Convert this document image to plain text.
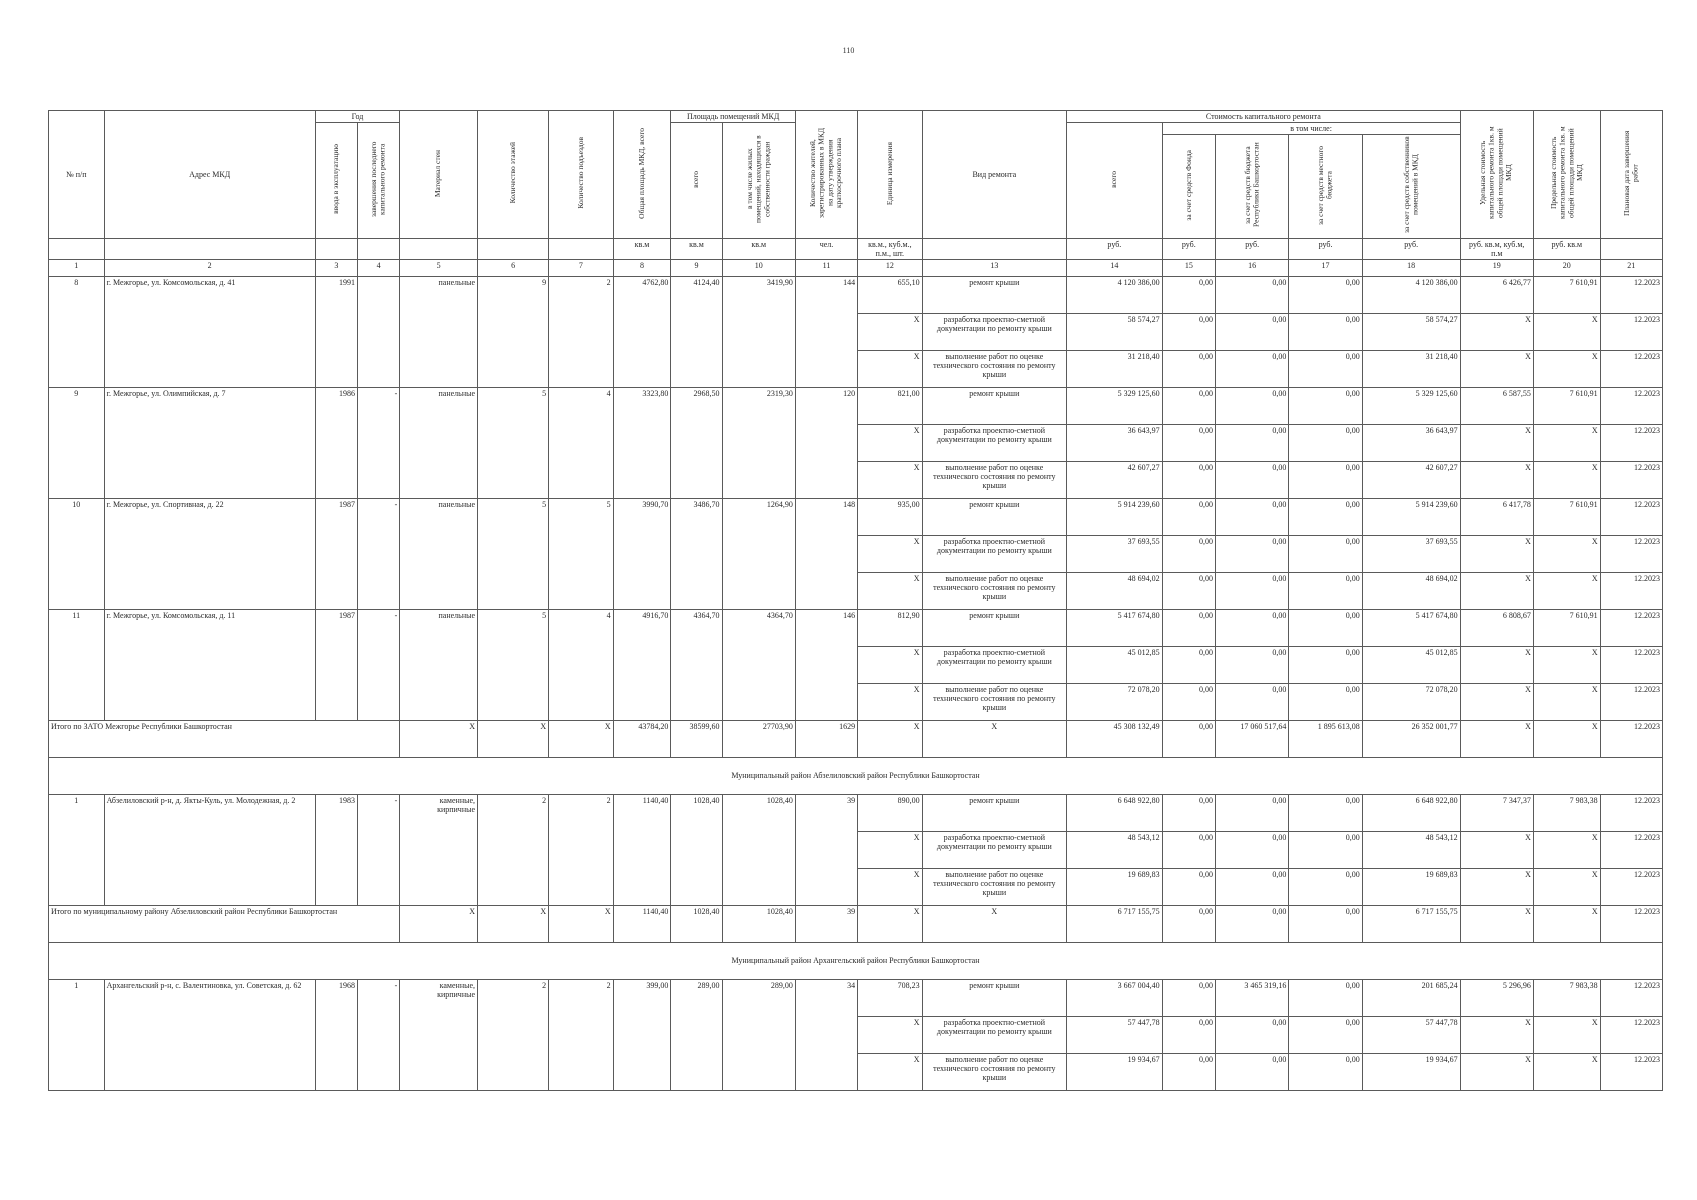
110
№ п/п	Адрес МКД	Год		Материал стен	Количество этажей	Количество подъездов	Общая площадь МКД, всего	Площадь помещений МКД		Количество жителей, зарегистрированных в МКД на дату утверждения краткосрочного плана	Единица измерения	Вид ремонта	Стоимость капитального ремонта					Удельная стоимость капитального ремонта 1кв. м общей площади помещений МКД	Предельная стоимость капитального ремонта 1кв. м общей площади помещений МКД	Плановая дата завершения работ
		ввода в эксплуатацию	завершения последнего капитального ремонта					всего	в том числе жилых помещений, находящихся в собственности граждан				всего	в том числе:						
														за счет средств Фонда	за счет средств бюджета Республики Башкортостан	за счет средств местного бюджета	за счет средств собственников помещений в МКД			
							кв.м	кв.м	кв.м	чел.	кв.м., куб.м., п.м., шт.		руб.	руб.	руб.	руб.	руб.	руб. кв.м, куб.м, п.м	руб. кв.м	
1	2	3	4	5	6	7	8	9	10	11	12	13	14	15	16	17	18	19	20	21
8	г. Межгорье, ул. Комсомольская, д. 41	1991		панельные	9	2	4762,80	4124,40	3419,90	144	655,10	ремонт крыши	4 120 386,00	0,00	0,00	0,00	4 120 386,00	6 426,77	7 610,91	12.2023
											X	разработка проектно-сметной документации по ремонту крыши	58 574,27	0,00	0,00	0,00	58 574,27	X	X	12.2023
											X	выполнение работ по оценке технического состояния по ремонту крыши	31 218,40	0,00	0,00	0,00	31 218,40	X	X	12.2023
9	г. Межгорье, ул. Олимпийская, д. 7	1986	-	панельные	5	4	3323,80	2968,50	2319,30	120	821,00	ремонт крыши	5 329 125,60	0,00	0,00	0,00	5 329 125,60	6 587,55	7 610,91	12.2023
											X	разработка проектно-сметной документации по ремонту крыши	36 643,97	0,00	0,00	0,00	36 643,97	X	X	12.2023
											X	выполнение работ по оценке технического состояния по ремонту крыши	42 607,27	0,00	0,00	0,00	42 607,27	X	X	12.2023
10	г. Межгорье, ул. Спортивная, д. 22	1987	-	панельные	5	5	3990,70	3486,70	1264,90	148	935,00	ремонт крыши	5 914 239,60	0,00	0,00	0,00	5 914 239,60	6 417,78	7 610,91	12.2023
											X	разработка проектно-сметной документации по ремонту крыши	37 693,55	0,00	0,00	0,00	37 693,55	X	X	12.2023
											X	выполнение работ по оценке технического состояния по ремонту крыши	48 694,02	0,00	0,00	0,00	48 694,02	X	X	12.2023
11	г. Межгорье, ул. Комсомольская, д. 11	1987	-	панельные	5	4	4916,70	4364,70	4364,70	146	812,90	ремонт крыши	5 417 674,80	0,00	0,00	0,00	5 417 674,80	6 808,67	7 610,91	12.2023
											X	разработка проектно-сметной документации по ремонту крыши	45 012,85	0,00	0,00	0,00	45 012,85	X	X	12.2023
											X	выполнение работ по оценке технического состояния по ремонту крыши	72 078,20	0,00	0,00	0,00	72 078,20	X	X	12.2023
Итого по ЗАТО Межгорье Республики Башкортостан				X	X	X	43784,20	38599,60	27703,90	1629	X	X	45 308 132,49	0,00	17 060 517,64	1 895 613,08	26 352 001,77	X	X	12.2023
Муниципальный район Абзелиловский район Республики Башкортостан																				
1	Абзелиловский р-н, д. Якты-Куль, ул. Молодежная, д. 2	1983	-	каменные, кирпичные	2	2	1140,40	1028,40	1028,40	39	890,00	ремонт крыши	6 648 922,80	0,00	0,00	0,00	6 648 922,80	7 347,37	7 983,38	12.2023
											X	разработка проектно-сметной документации по ремонту крыши	48 543,12	0,00	0,00	0,00	48 543,12	X	X	12.2023
											X	выполнение работ по оценке технического состояния по ремонту крыши	19 689,83	0,00	0,00	0,00	19 689,83	X	X	12.2023
Итого по муниципальному району Абзелиловский район Республики Башкортостан				X	X	X	1140,40	1028,40	1028,40	39	X	X	6 717 155,75	0,00	0,00	0,00	6 717 155,75	X	X	12.2023
Муниципальный район Архангельский район Республики Башкортостан																				
1	Архангельский р-н, с. Валентиновка, ул. Советская, д. 62	1968	-	каменные, кирпичные	2	2	399,00	289,00	289,00	34	708,23	ремонт крыши	3 667 004,40	0,00	3 465 319,16	0,00	201 685,24	5 296,96	7 983,38	12.2023
											X	разработка проектно-сметной документации по ремонту крыши	57 447,78	0,00	0,00	0,00	57 447,78	X	X	12.2023
											X	выполнение работ по оценке технического состояния по ремонту крыши	19 934,67	0,00	0,00	0,00	19 934,67	X	X	12.2023
